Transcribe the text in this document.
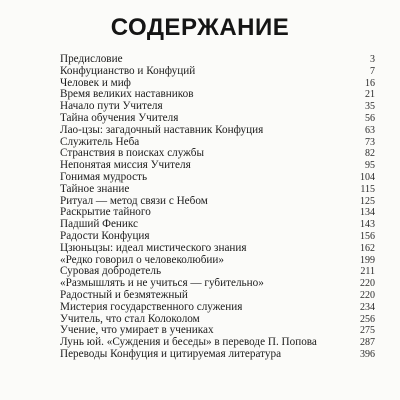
СОДЕРЖАНИЕ
Предисловие	3
Конфуцианство и Конфуций	7
Человек и миф	16
Время великих наставников	21
Начало пути Учителя	35
Тайна обучения Учителя	56
Лао-цзы: загадочный наставник Конфуция	63
Служитель Неба	73
Странствия в поисках службы	82
Непонятая миссия Учителя	95
Гонимая мудрость	104
Тайное знание	115
Ритуал — метод связи с Небом	125
Раскрытие тайного	134
Падший Феникс	143
Радости Конфуция	156
Цзюньцзы: идеал мистического знания	162
«Редко говорил о человеколюбии»	199
Суровая добродетель	211
«Размышлять и не учиться — губительно»	220
Радостный и безмятежный	220
Мистерия государственного служения	234
Учитель, что стал Колоколом	256
Учение, что умирает в учениках	275
Лунь юй. «Суждения и беседы» в переводе П. Попова	287
Переводы Конфуция и цитируемая литература	396
